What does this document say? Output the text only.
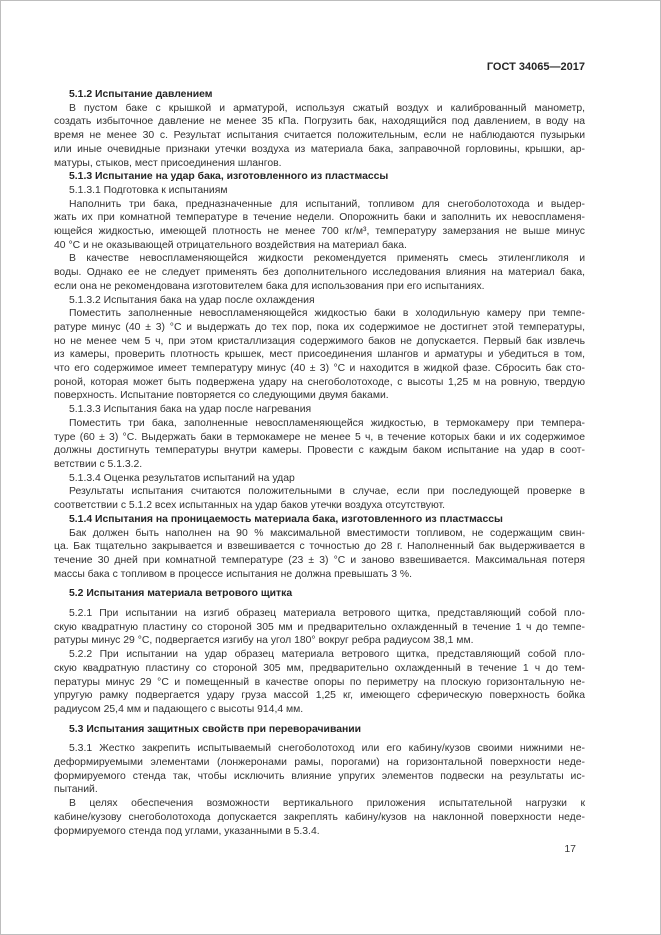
ГОСТ 34065—2017
5.1.2 Испытание давлением
В пустом баке с крышкой и арматурой, используя сжатый воздух и калиброванный манометр,
создать избыточное давление не менее 35 кПа. Погрузить бак, находящийся под давлением, в воду на
время не менее 30 с. Результат испытания считается положительным, если не наблюдаются пузырьки
или иные очевидные признаки утечки воздуха из материала бака, заправочной горловины, крышки, ар-
матуры, стыков, мест присоединения шлангов.
5.1.3 Испытание на удар бака, изготовленного из пластмассы
5.1.3.1 Подготовка к испытаниям
Наполнить три бака, предназначенные для испытаний, топливом для снегоболотохода и выдер-
жать их при комнатной температуре в течение недели. Опорожнить баки и заполнить их невоспламеня-
ющейся жидкостью, имеющей плотность не менее 700 кг/м³, температуру замерзания не выше минус
40 °С и не оказывающей отрицательного воздействия на материал бака.
В качестве невоспламеняющейся жидкости рекомендуется применять смесь этиленгликоля и
воды. Однако ее не следует применять без дополнительного исследования влияния на материал бака,
если она не рекомендована изготовителем бака для использования при его испытаниях.
5.1.3.2 Испытания бака на удар после охлаждения
Поместить заполненные невоспламеняющейся жидкостью баки в холодильную камеру при темпе-
ратуре минус (40 ± 3) °С и выдержать до тех пор, пока их содержимое не достигнет этой температуры,
но не менее чем 5 ч, при этом кристаллизация содержимого баков не допускается. Первый бак извлечь
из камеры, проверить плотность крышек, мест присоединения шлангов и арматуры и убедиться в том,
что его содержимое имеет температуру минус (40 ± 3) °С и находится в жидкой фазе. Сбросить бак сто-
роной, которая может быть подвержена удару на снегоболотоходе, с высоты 1,25 м на ровную, твердую
поверхность. Испытание повторяется со следующими двумя баками.
5.1.3.3 Испытания бака на удар после нагревания
Поместить три бака, заполненные невоспламеняющейся жидкостью, в термокамеру при темпера-
туре (60 ± 3) °С. Выдержать баки в термокамере не менее 5 ч, в течение которых баки и их содержимое
должны достигнуть температуры внутри камеры. Провести с каждым баком испытание на удар в соот-
ветствии с 5.1.3.2.
5.1.3.4 Оценка результатов испытаний на удар
Результаты испытания считаются положительными в случае, если при последующей проверке в
соответствии с 5.1.2 всех испытанных на удар баков утечки воздуха отсутствуют.
5.1.4 Испытания на проницаемость материала бака, изготовленного из пластмассы
Бак должен быть наполнен на 90 % максимальной вместимости топливом, не содержащим свин-
ца. Бак тщательно закрывается и взвешивается с точностью до 28 г. Наполненный бак выдерживается в
течение 30 дней при комнатной температуре (23 ± 3) °С и заново взвешивается. Максимальная потеря
массы бака с топливом в процессе испытания не должна превышать 3 %.
5.2 Испытания материала ветрового щитка
5.2.1 При испытании на изгиб образец материала ветрового щитка, представляющий собой пло-
скую квадратную пластину со стороной 305 мм и предварительно охлажденный в течение 1 ч до темпе-
ратуры минус 29 °С, подвергается изгибу на угол 180° вокруг ребра радиусом 38,1 мм.
5.2.2 При испытании на удар образец материала ветрового щитка, представляющий собой пло-
скую квадратную пластину со стороной 305 мм, предварительно охлажденный в течение 1 ч до тем-
пературы минус 29 °С и помещенный в качестве опоры по периметру на плоскую горизонтальную не-
упругую рамку подвергается удару груза массой 1,25 кг, имеющего сферическую поверхность бойка
радиусом 25,4 мм и падающего с высоты 914,4 мм.
5.3 Испытания защитных свойств при переворачивании
5.3.1 Жестко закрепить испытываемый снегоболотоход или его кабину/кузов своими нижними не-
деформируемыми элементами (лонжеронами рамы, порогами) на горизонтальной поверхности неде-
формируемого стенда так, чтобы исключить влияние упругих элементов подвески на результаты ис-
пытаний.
В целях обеспечения возможности вертикального приложения испытательной нагрузки к
кабине/кузову снегоболотохода допускается закреплять кабину/кузов на наклонной поверхности неде-
формируемого стенда под углами, указанными в 5.3.4.
17
